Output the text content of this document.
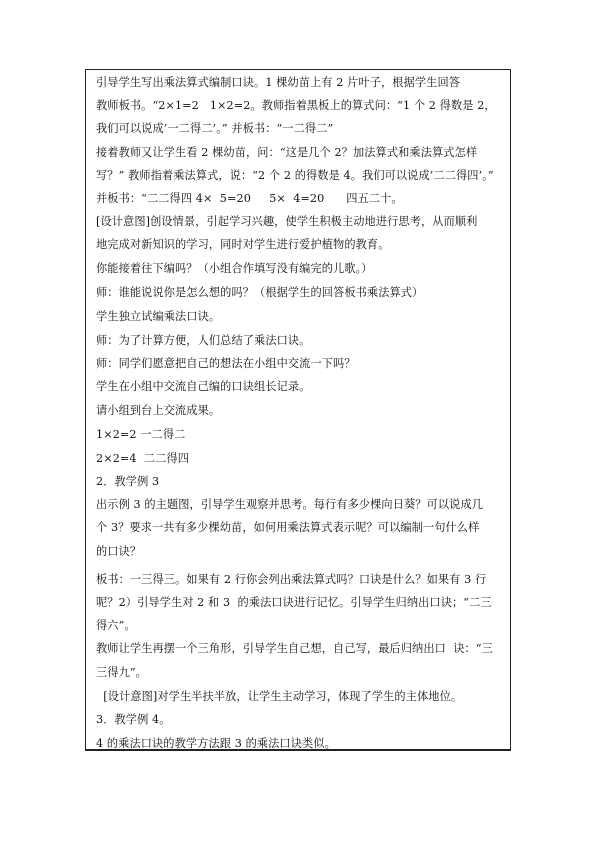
引导学生写出乘法算式编制口诀。1 棵幼苗上有 2 片叶子，根据学生回答
教师板书。“2×1=2   1×2=2。教师指着黑板上的算式问：“1 个 2 得数是 2，
我们可以说成’一二得二’。” 并板书：“一二得二”
接着教师又让学生看 2 棵幼苗，问：“这是几个 2？加法算式和乘法算式怎样
写？” 教师指着乘法算式，说：“2 个 2 的得数是 4。我们可以说成’二二得四’。”
并板书：“二二得四 4×  5=20     5×  4=20      四五二十。
[设计意图]创设情景，引起学习兴趣，使学生积极主动地进行思考，从而顺利
地完成对新知识的学习，同时对学生进行爱护植物的教育。
你能接着往下编吗？（小组合作填写没有编完的儿歌。）
师：谁能说说你是怎么想的吗？（根据学生的回答板书乘法算式）
学生独立试编乘法口诀。
师：为了计算方便，人们总结了乘法口诀。
师：同学们愿意把自己的想法在小组中交流一下吗？
学生在小组中交流自己编的口诀组长记录。
请小组到台上交流成果。
1×2=2 一二得二
2×2=4  二二得四
2．教学例 3
出示例 3 的主题图，引导学生观察并思考。每行有多少棵向日葵？可以说成几
个 3？要求一共有多少棵幼苗，如何用乘法算式表示呢？可以编制一句什么样
的口诀？
板书：一三得三。如果有 2 行你会列出乘法算式吗？口诀是什么？如果有 3 行
呢？2）引导学生对 2 和 3  的乘法口诀进行记忆。引导学生归纳出口诀；“二三
得六”。
教师让学生再摆一个三角形，引导学生自己想，自己写，最后归纳出口  诀：“三
三得九”。
[设计意图]对学生半扶半放，让学生主动学习，体现了学生的主体地位。
3．教学例 4。
4 的乘法口诀的教学方法跟 3 的乘法口诀类似。
